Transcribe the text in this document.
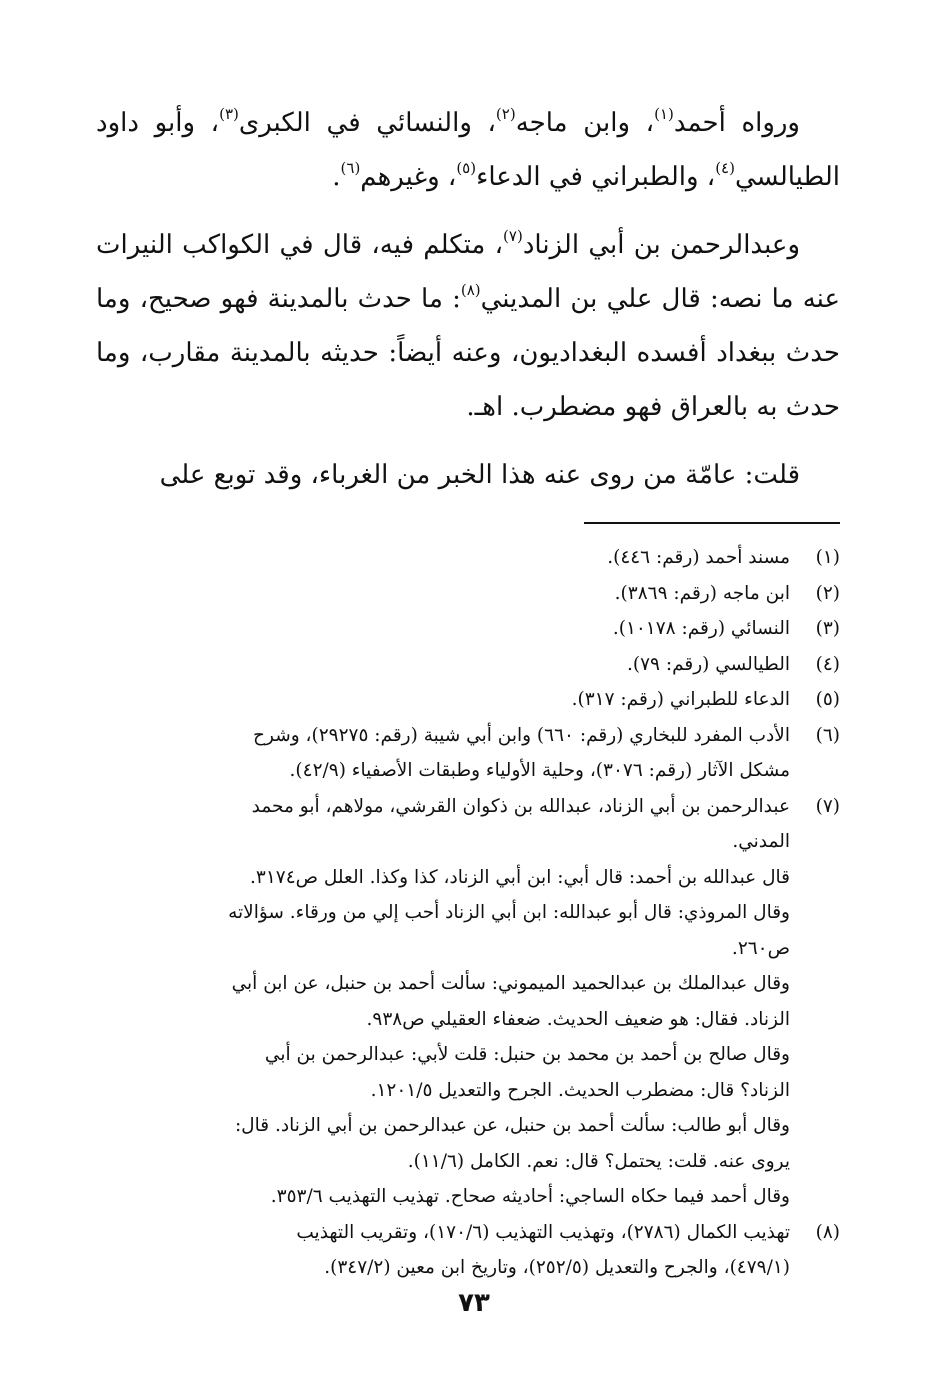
ورواه أحمد$^{(١)}$، وابن ماجه$^{(٢)}$، والنسائي في الكبرى$^{(٣)}$، وأبو داود الطيالسي$^{(٤)}$، والطبراني في الدعاء$^{(٥)}$، وغيرهم$^{(٦)}$.

وعبدالرحمن بن أبي الزناد$^{(٧)}$، متكلم فيه، قال في الكواكب النيرات عنه ما نصه: قال علي بن المديني$^{(٨)}$: ما حدث بالمدينة فهو صحيح، وما حدث ببغداد أفسده البغداديون، وعنه أيضاً: حديثه بالمدينة مقارب، وما حدث به بالعراق فهو مضطرب. اهـ.

قلت: عامّة من روى عنه هذا الخبر من الغرباء، وقد توبع على

(١)
مسند أحمد (رقم: ٤٤٦).
(٢)
ابن ماجه (رقم: ٣٨٦٩).
(٣)
النسائي (رقم: ١٠١٧٨).
(٤)
الطيالسي (رقم: ٧٩).
(٥)
الدعاء للطبراني (رقم: ٣١٧).
(٦)
الأدب المفرد للبخاري (رقم: ٦٦٠) وابن أبي شيبة (رقم: ٢٩٢٧٥)، وشرح
مشكل الآثار (رقم: ٣٠٧٦)، وحلية الأولياء وطبقات الأصفياء (٤٢/٩).
(٧)
عبدالرحمن بن أبي الزناد، عبدالله بن ذكوان القرشي، مولاهم، أبو محمد
المدني.
قال عبدالله بن أحمد: قال أبي: ابن أبي الزناد، كذا وكذا. العلل ص٣١٧٤.
وقال المروذي: قال أبو عبدالله: ابن أبي الزناد أحب إلي من ورقاء. سؤالاته
ص٢٦٠.
وقال عبدالملك بن عبدالحميد الميموني: سألت أحمد بن حنبل، عن ابن أبي
الزناد. فقال: هو ضعيف الحديث. ضعفاء العقيلي ص٩٣٨.
وقال صالح بن أحمد بن محمد بن حنبل: قلت لأبي: عبدالرحمن بن أبي
الزناد؟ قال: مضطرب الحديث. الجرح والتعديل ١٢٠١/٥.
وقال أبو طالب: سألت أحمد بن حنبل، عن عبدالرحمن بن أبي الزناد. قال:
يروى عنه. قلت: يحتمل؟ قال: نعم. الكامل (١١/٦).
وقال أحمد فيما حكاه الساجي: أحاديثه صحاح. تهذيب التهذيب ٣٥٣/٦.
(٨)
تهذيب الكمال (٢٧٨٦)، وتهذيب التهذيب (١٧٠/٦)، وتقريب التهذيب
(٤٧٩/١)، والجرح والتعديل (٢٥٢/٥)، وتاريخ ابن معين (٣٤٧/٢).
٧٣
